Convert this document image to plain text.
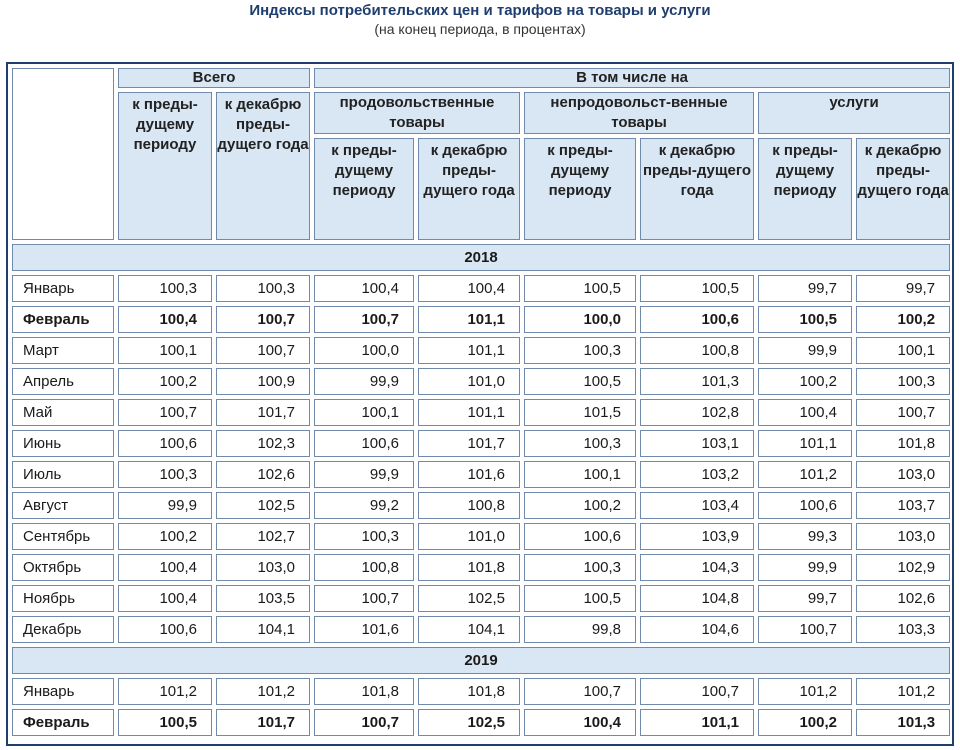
Индексы потребительских цен и тарифов на товары и услуги
(на конец периода, в процентах)
	Всего		В том числе на					
	к преды-дущему периоду	к декабрю преды-дущего года	продовольственные товары		непродовольст-венные товары		услуги	
			к преды-дущему периоду	к декабрю преды-дущего года	к преды-дущему периоду	к декабрю преды-дущего года	к преды-дущему периоду	к декабрю преды-дущего года
2018								
Январь	100,3	100,3	100,4	100,4	100,5	100,5	99,7	99,7
Февраль	100,4	100,7	100,7	101,1	100,0	100,6	100,5	100,2
Март	100,1	100,7	100,0	101,1	100,3	100,8	99,9	100,1
Апрель	100,2	100,9	99,9	101,0	100,5	101,3	100,2	100,3
Май	100,7	101,7	100,1	101,1	101,5	102,8	100,4	100,7
Июнь	100,6	102,3	100,6	101,7	100,3	103,1	101,1	101,8
Июль	100,3	102,6	99,9	101,6	100,1	103,2	101,2	103,0
Август	99,9	102,5	99,2	100,8	100,2	103,4	100,6	103,7
Сентябрь	100,2	102,7	100,3	101,0	100,6	103,9	99,3	103,0
Октябрь	100,4	103,0	100,8	101,8	100,3	104,3	99,9	102,9
Ноябрь	100,4	103,5	100,7	102,5	100,5	104,8	99,7	102,6
Декабрь	100,6	104,1	101,6	104,1	99,8	104,6	100,7	103,3
2019								
Январь	101,2	101,2	101,8	101,8	100,7	100,7	101,2	101,2
Февраль	100,5	101,7	100,7	102,5	100,4	101,1	100,2	101,3
